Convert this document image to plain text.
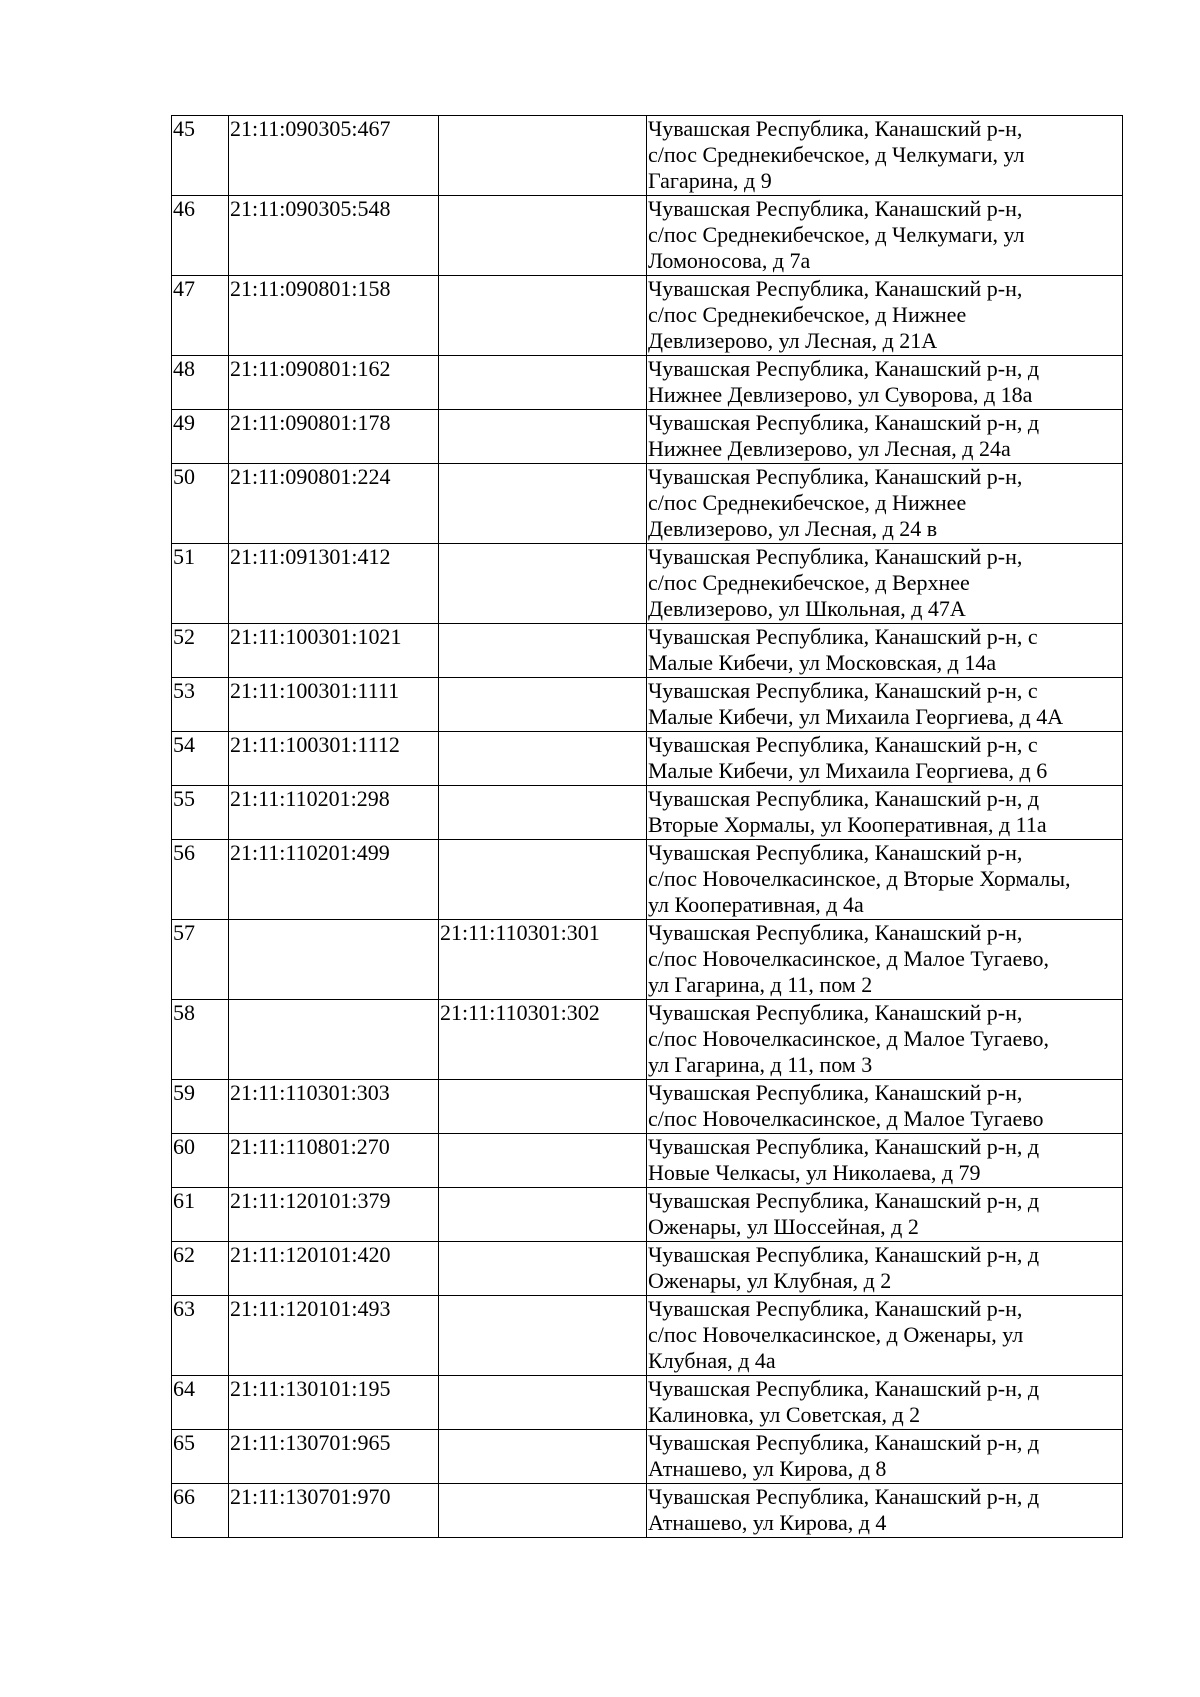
45	21:11:090305:467		Чувашская Республика, Канашский р-н,
с/пос Среднекибечское, д Челкумаги, ул
Гагарина, д 9

46	21:11:090305:548		Чувашская Республика, Канашский р-н,
с/пос Среднекибечское, д Челкумаги, ул
Ломоносова, д 7а

47	21:11:090801:158		Чувашская Республика, Канашский р-н,
с/пос Среднекибечское, д Нижнее
Девлизерово, ул Лесная, д 21А

48	21:11:090801:162		Чувашская Республика, Канашский р-н, д
Нижнее Девлизерово, ул Суворова, д 18а

49	21:11:090801:178		Чувашская Республика, Канашский р-н, д
Нижнее Девлизерово, ул Лесная, д 24а

50	21:11:090801:224		Чувашская Республика, Канашский р-н,
с/пос Среднекибечское, д Нижнее
Девлизерово, ул Лесная, д 24 в

51	21:11:091301:412		Чувашская Республика, Канашский р-н,
с/пос Среднекибечское, д Верхнее
Девлизерово, ул Школьная, д 47А

52	21:11:100301:1021		Чувашская Республика, Канашский р-н, с
Малые Кибечи, ул Московская, д 14а

53	21:11:100301:1111		Чувашская Республика, Канашский р-н, с
Малые Кибечи, ул Михаила Георгиева, д 4А

54	21:11:100301:1112		Чувашская Республика, Канашский р-н, с
Малые Кибечи, ул Михаила Георгиева, д 6

55	21:11:110201:298		Чувашская Республика, Канашский р-н, д
Вторые Хормалы, ул Кооперативная, д 11а

56	21:11:110201:499		Чувашская Республика, Канашский р-н,
с/пос Новочелкасинское, д Вторые Хормалы,
ул Кооперативная, д 4а

57		21:11:110301:301	Чувашская Республика, Канашский р-н,
с/пос Новочелкасинское, д Малое Тугаево,
ул Гагарина, д 11, пом 2

58		21:11:110301:302	Чувашская Республика, Канашский р-н,
с/пос Новочелкасинское, д Малое Тугаево,
ул Гагарина, д 11, пом 3

59	21:11:110301:303		Чувашская Республика, Канашский р-н,
с/пос Новочелкасинское, д Малое Тугаево

60	21:11:110801:270		Чувашская Республика, Канашский р-н, д
Новые Челкасы, ул Николаева, д 79

61	21:11:120101:379		Чувашская Республика, Канашский р-н, д
Оженары, ул Шоссейная, д 2

62	21:11:120101:420		Чувашская Республика, Канашский р-н, д
Оженары, ул Клубная, д 2

63	21:11:120101:493		Чувашская Республика, Канашский р-н,
с/пос Новочелкасинское, д Оженары, ул
Клубная, д 4а

64	21:11:130101:195		Чувашская Республика, Канашский р-н, д
Калиновка, ул Советская, д 2

65	21:11:130701:965		Чувашская Республика, Канашский р-н, д
Атнашево, ул Кирова, д 8

66	21:11:130701:970		Чувашская Республика, Канашский р-н, д
Атнашево, ул Кирова, д 4
